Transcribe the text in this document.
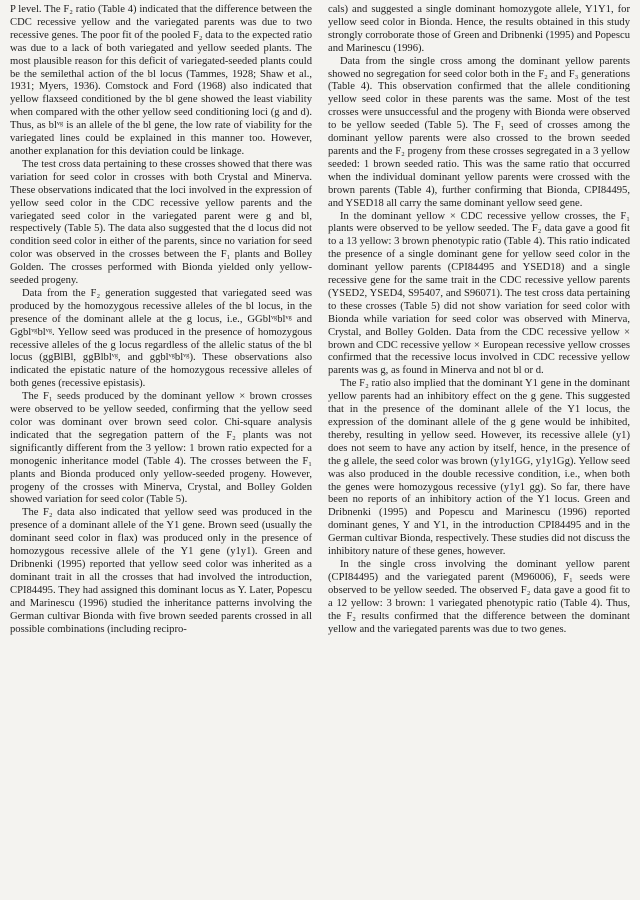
P level. The F₂ ratio (Table 4) indicated that the difference between the CDC recessive yellow and the variegated parents was due to two recessive genes. The poor fit of the pooled F₂ data to the expected ratio was due to a lack of both variegated and yellow seeded plants. The most plausible reason for this deficit of variegated-seeded plants could be the semilethal action of the bl locus (Tammes, 1928; Shaw et al., 1931; Myers, 1936). Comstock and Ford (1968) also indicated that yellow flaxseed conditioned by the bl gene showed the least viability when compared with the other yellow seed conditioning loci (g and d). Thus, as blᵛᵍ is an allele of the bl gene, the low rate of viability for the variegated lines could be explained in this manner too. However, another explanation for this deviation could be linkage.

The test cross data pertaining to these crosses showed that there was variation for seed color in crosses with both Crystal and Minerva. These observations indicated that the loci involved in the expression of yellow seed color in the CDC recessive yellow parents and the variegated seed color in the variegated parent were g and bl, respectively (Table 5). The data also suggested that the d locus did not condition seed color in either of the parents, since no variation for seed color was observed in the crosses between the F₁ plants and Bolley Golden. The crosses performed with Bionda yielded only yellow-seeded progeny.

Data from the F₂ generation suggested that variegated seed was produced by the homozygous recessive alleles of the bl locus, in the presence of the dominant allele at the g locus, i.e., GGblᵛᵍblᵛᵍ and Ggblᵛᵍblᵛᵍ. Yellow seed was produced in the presence of homozygous recessive alleles of the g locus regardless of the allelic status of the bl locus (ggBlBl, ggBlblᵛᵍ, and ggblᵛᵍblᵛᵍ). These observations also indicated the epistatic nature of the homozygous recessive alleles of both genes (recessive epistasis).

The F₁ seeds produced by the dominant yellow × brown crosses were observed to be yellow seeded, confirming that the yellow seed color was dominant over brown seed color. Chi-square analysis indicated that the segregation pattern of the F₂ plants was not significantly different from the 3 yellow: 1 brown ratio expected for a monogenic inheritance model (Table 4). The crosses between the F₁ plants and Bionda produced only yellow-seeded progeny. However, progeny of the crosses with Minerva, Crystal, and Bolley Golden showed variation for seed color (Table 5).

The F₂ data also indicated that yellow seed was produced in the presence of a dominant allele of the Y1 gene. Brown seed (usually the dominant seed color in flax) was produced only in the presence of homozygous recessive allele of the Y1 gene (y1y1). Green and Dribnenki (1995) reported that yellow seed color was inherited as a dominant trait in all the crosses that had involved the introduction, CPI84495. They had assigned this dominant locus as Y. Later, Popescu and Marinescu (1996) studied the inheritance patterns involving the German cultivar Bionda with five brown seeded parents crossed in all possible combinations (including recipro-

cals) and suggested a single dominant homozygote allele, Y1Y1, for yellow seed color in Bionda. Hence, the results obtained in this study strongly corroborate those of Green and Dribnenki (1995) and Popescu and Marinescu (1996).

Data from the single cross among the dominant yellow parents showed no segregation for seed color both in the F₂ and F₃ generations (Table 4). This observation confirmed that the allele conditioning yellow seed color in these parents was the same. Most of the test crosses were unsuccessful and the progeny with Bionda were observed to be yellow seeded (Table 5). The F₁ seed of crosses among the dominant yellow parents were also crossed to the brown seeded parents and the F₂ progeny from these crosses segregated in a 3 yellow seeded: 1 brown seeded ratio. This was the same ratio that occurred when the individual dominant yellow parents were crossed with the brown parents (Table 4), further confirming that Bionda, CPI84495, and YSED18 all carry the same dominant yellow seed gene.

In the dominant yellow × CDC recessive yellow crosses, the F₁ plants were observed to be yellow seeded. The F₂ data gave a good fit to a 13 yellow: 3 brown phenotypic ratio (Table 4). This ratio indicated the presence of a single dominant gene for yellow seed color in the dominant yellow parents (CPI84495 and YSED18) and a single recessive gene for the same trait in the CDC recessive yellow parents (YSED2, YSED4, S95407, and S96071). The test cross data pertaining to these crosses (Table 5) did not show variation for seed color with Bionda while variation for seed color was observed with Minerva, Crystal, and Bolley Golden. Data from the CDC recessive yellow × brown and CDC recessive yellow × European recessive yellow crosses confirmed that the recessive locus involved in CDC recessive yellow parents was g, as found in Minerva and not bl or d.

The F₂ ratio also implied that the dominant Y1 gene in the dominant yellow parents had an inhibitory effect on the g gene. This suggested that in the presence of the dominant allele of the Y1 locus, the expression of the dominant allele of the g gene would be inhibited, thereby, resulting in yellow seed. However, its recessive allele (y1) does not seem to have any action by itself, hence, in the presence of the g allele, the seed color was brown (y1y1GG, y1y1Gg). Yellow seed was also produced in the double recessive condition, i.e., when both the genes were homozygous recessive (y1y1 gg). So far, there have been no reports of an inhibitory action of the Y1 locus. Green and Dribnenki (1995) and Popescu and Marinescu (1996) reported dominant genes, Y and Y1, in the introduction CPI84495 and in the German cultivar Bionda, respectively. These studies did not discuss the inhibitory nature of these genes, however.

In the single cross involving the dominant yellow parent (CPI84495) and the variegated parent (M96006), F₁ seeds were observed to be yellow seeded. The observed F₂ data gave a good fit to a 12 yellow: 3 brown: 1 variegated phenotypic ratio (Table 4). Thus, the F₂ results confirmed that the difference between the dominant yellow and the variegated parents was due to two genes.
